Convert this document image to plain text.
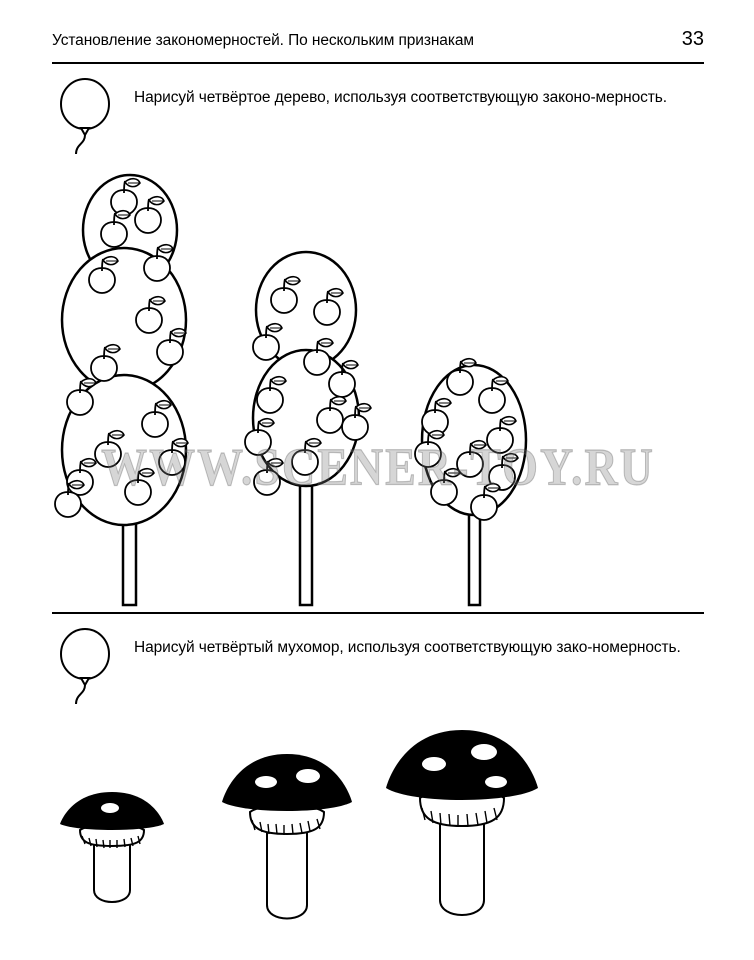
Установление закономерностей. По нескольким признакам	33
Нарисуй четвёртое дерево, используя соответствующую законо-мерность.
WWW.SCENER-TOY.RU
Нарисуй четвёртый мухомор, используя соответствующую зако-номерность.
